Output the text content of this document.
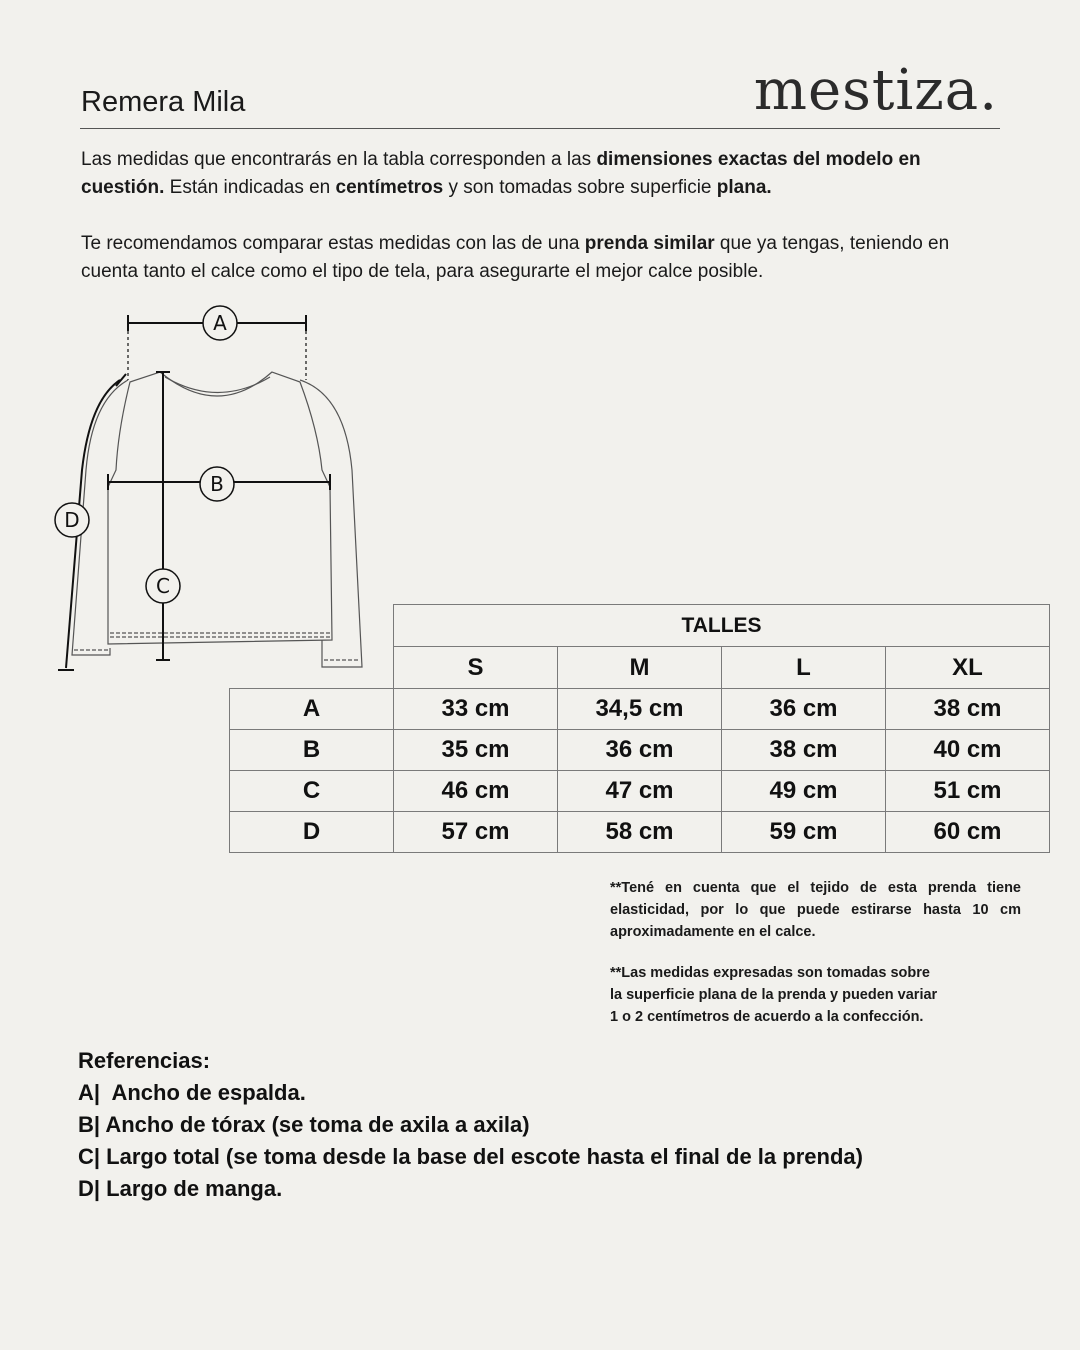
Remera Mila	mestiza.

Las medidas que encontrarás en la tabla corresponden a las dimensiones exactas del modelo en cuestión. Están indicadas en centímetros y son tomadas sobre superficie plana.

Te recomendamos comparar estas medidas con las de una prenda similar que ya tengas, teniendo en cuenta tanto el calce como el tipo de tela, para asegurarte el mejor calce posible.

A
B
C
D
	TALLES			
	S	M	L	XL
A	33 cm	34,5 cm	36 cm	38 cm
B	35 cm	36 cm	38 cm	40 cm
C	46 cm	47 cm	49 cm	51 cm
D	57 cm	58 cm	59 cm	60 cm

**Tené en cuenta que el tejido de esta prenda tiene elasticidad, por lo que puede estirarse hasta 10 cm aproximadamente en el calce.

**Las medidas expresadas son tomadas sobre
la superficie plana de la prenda y pueden variar
1 o 2 centímetros de acuerdo a la confección.

Referencias:
A|  Ancho de espalda.
B| Ancho de tórax (se toma de axila a axila)
C| Largo total (se toma desde la base del escote hasta el final de la prenda)
D| Largo de manga.
